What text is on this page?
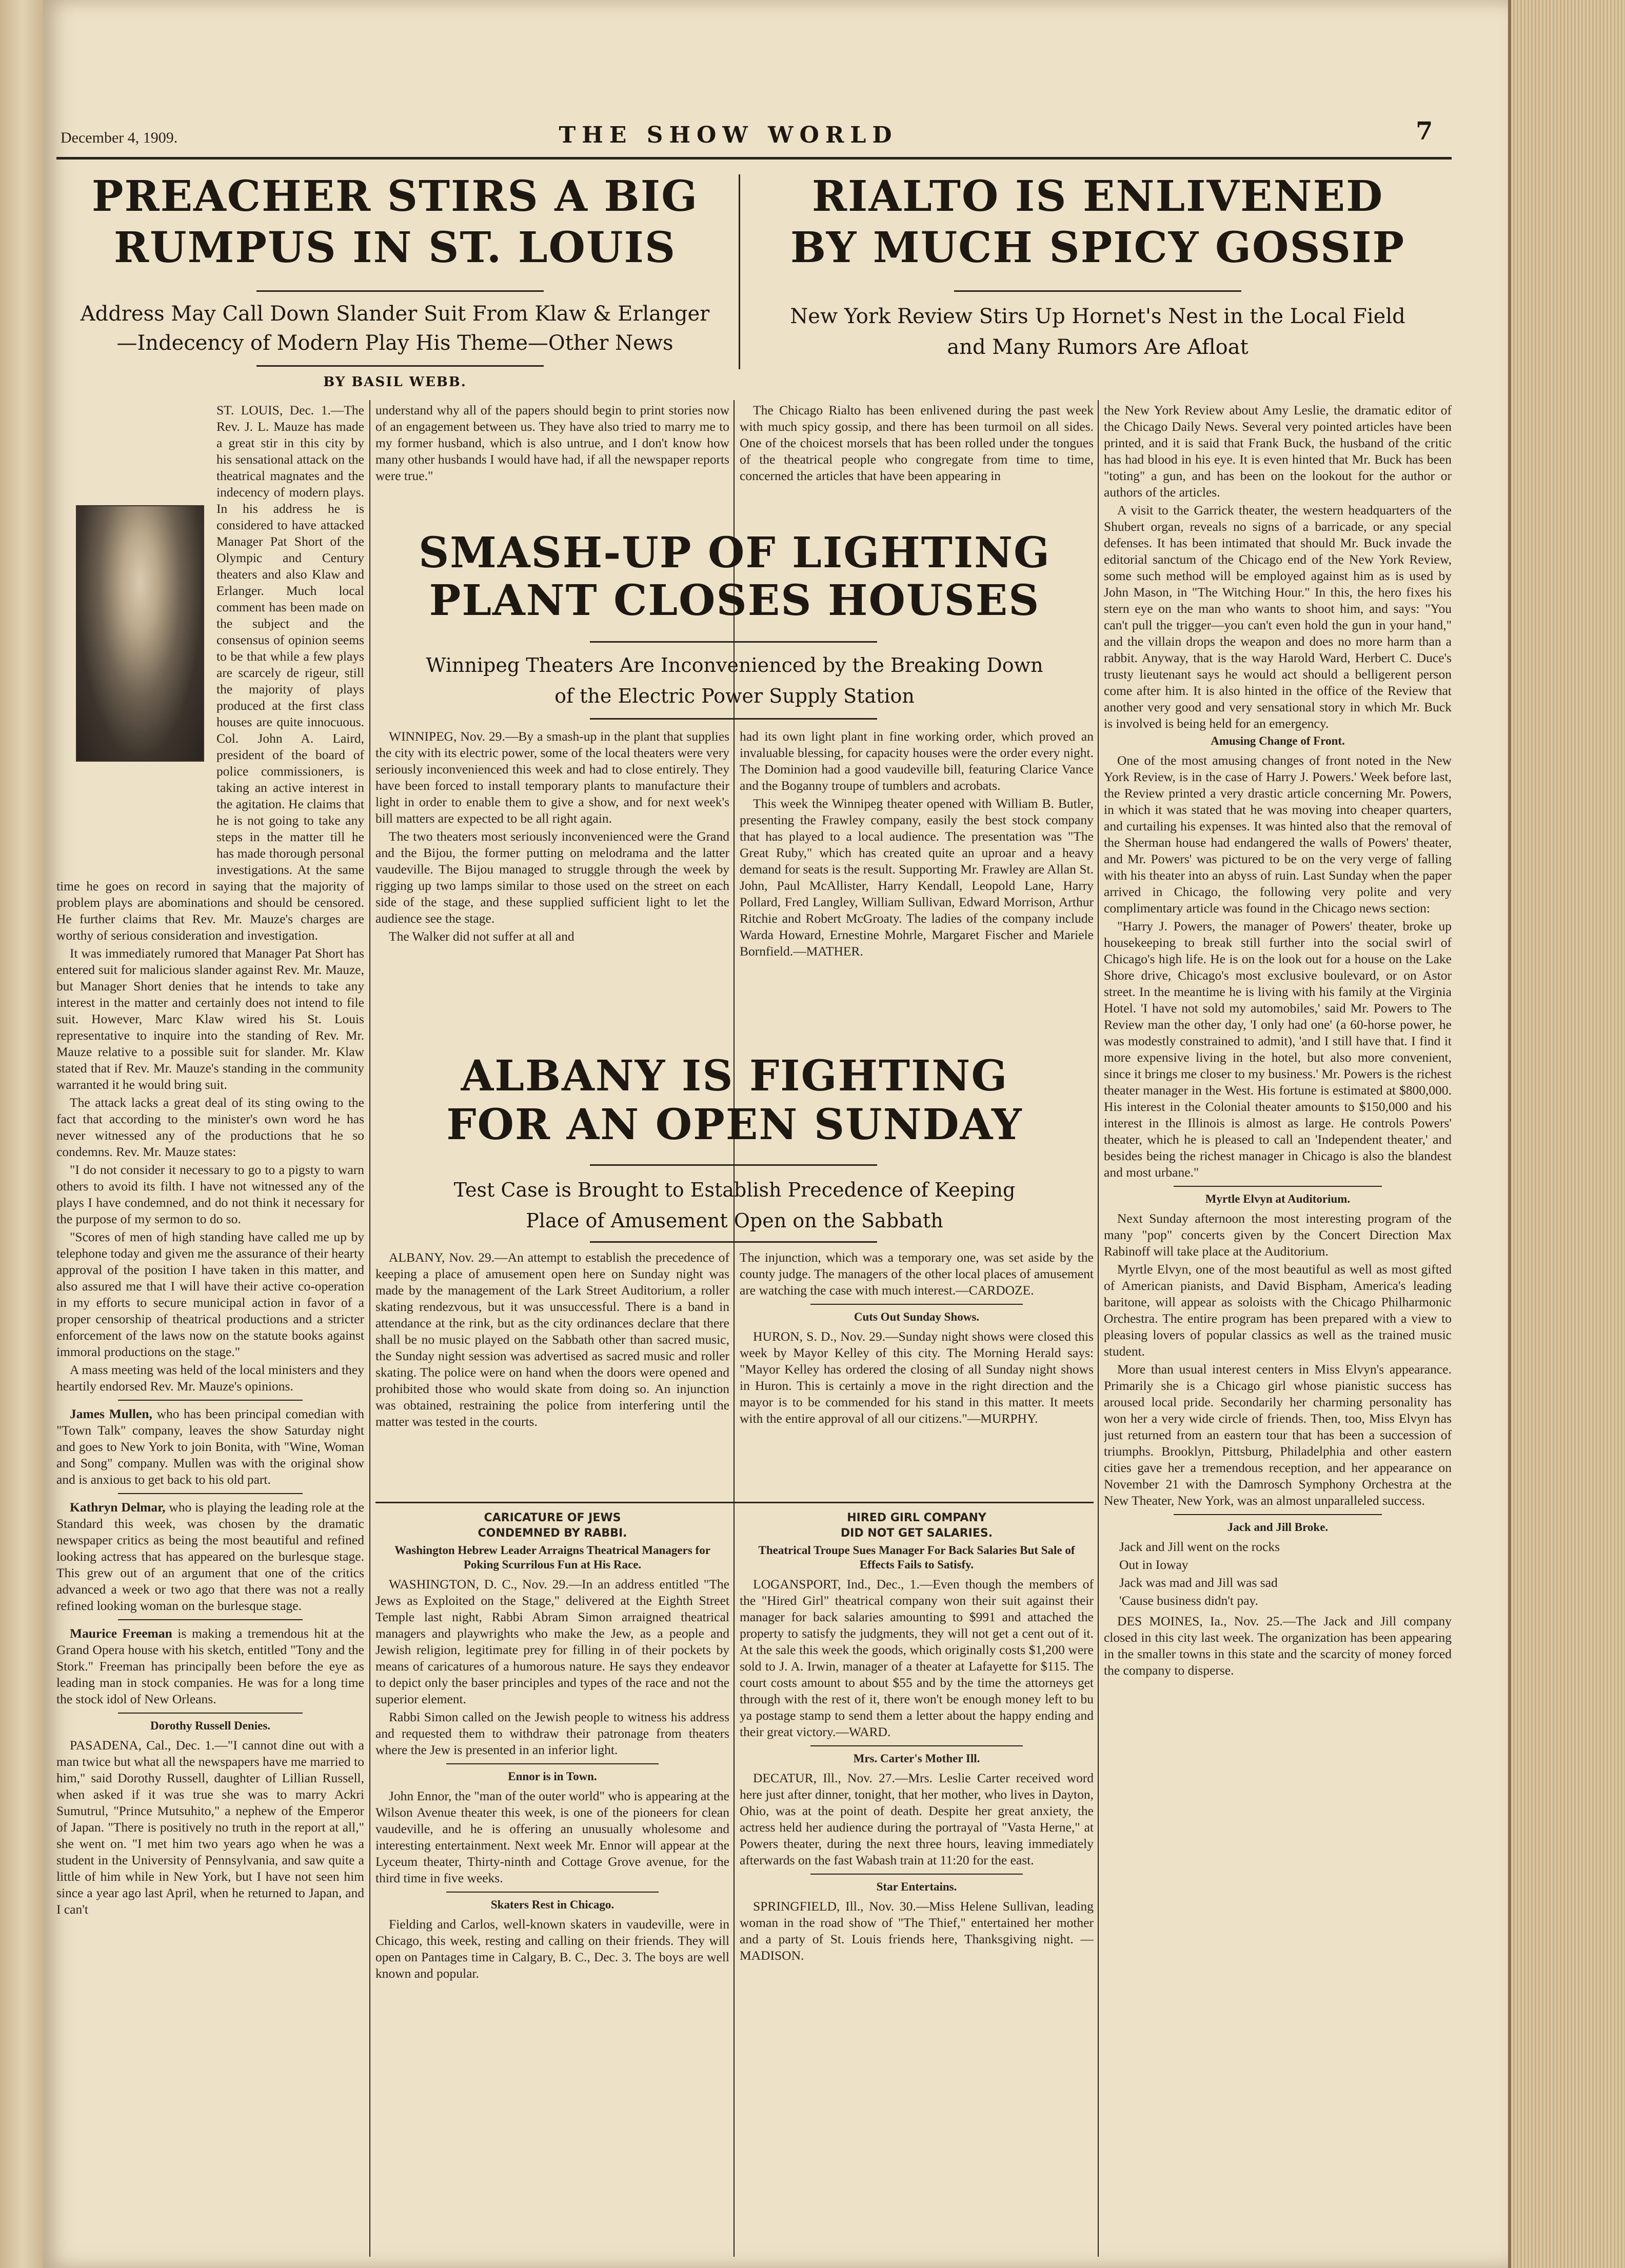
December 4, 1909.	THE SHOW WORLD	7
PREACHER STIRS A BIG
RUMPUS IN ST. LOUIS
Address May Call Down Slander Suit From Klaw & Erlanger
—Indecency of Modern Play His Theme—Other News
BY BASIL WEBB.
RIALTO IS ENLIVENED
BY MUCH SPICY GOSSIP
New York Review Stirs Up Hornet's Nest in the Local Field
and Many Rumors Are Afloat

ST. LOUIS, Dec. 1.—The Rev. J. L. Mauze has made a great stir in this city by his sensational attack on the theatrical magnates and the indecency of modern plays. In his address he is considered to have attacked Manager Pat Short of the Olympic and Century theaters and also Klaw and Erlanger. Much local comment has been made on the subject and the consensus of opinion seems to be that while a few plays are scarcely de rigeur, still the majority of plays produced at the first class houses are quite innocuous. Col. John A. Laird, president of the board of police commissioners, is taking an active interest in the agitation. He claims that he is not going to take any steps in the matter till he has made thorough personal investigations. At the same time he goes on record in saying that the majority of problem plays are abominations and should be censored. He further claims that Rev. Mr. Mauze's charges are worthy of serious consideration and investigation.

It was immediately rumored that Manager Pat Short has entered suit for malicious slander against Rev. Mr. Mauze, but Manager Short denies that he intends to take any interest in the matter and certainly does not intend to file suit. However, Marc Klaw wired his St. Louis representative to inquire into the standing of Rev. Mr. Mauze relative to a possible suit for slander. Mr. Klaw stated that if Rev. Mr. Mauze's standing in the community warranted it he would bring suit.

The attack lacks a great deal of its sting owing to the fact that according to the minister's own word he has never witnessed any of the productions that he so condemns. Rev. Mr. Mauze states:

"I do not consider it necessary to go to a pigsty to warn others to avoid its filth. I have not witnessed any of the plays I have condemned, and do not think it necessary for the purpose of my sermon to do so.

"Scores of men of high standing have called me up by telephone today and given me the assurance of their hearty approval of the position I have taken in this matter, and also assured me that I will have their active co-operation in my efforts to secure municipal action in favor of a proper censorship of theatrical productions and a stricter enforcement of the laws now on the statute books against immoral productions on the stage."

A mass meeting was held of the local ministers and they heartily endorsed Rev. Mr. Mauze's opinions.

James Mullen, who has been principal comedian with "Town Talk" company, leaves the show Saturday night and goes to New York to join Bonita, with "Wine, Woman and Song" company. Mullen was with the original show and is anxious to get back to his old part.

Kathryn Delmar, who is playing the leading role at the Standard this week, was chosen by the dramatic newspaper critics as being the most beautiful and refined looking actress that has appeared on the burlesque stage. This grew out of an argument that one of the critics advanced a week or two ago that there was not a really refined looking woman on the burlesque stage.

Maurice Freeman is making a tremendous hit at the Grand Opera house with his sketch, entitled "Tony and the Stork." Freeman has principally been before the eye as leading man in stock companies. He was for a long time the stock idol of New Orleans.

Dorothy Russell Denies.

PASADENA, Cal., Dec. 1.—"I cannot dine out with a man twice but what all the newspapers have me married to him," said Dorothy Russell, daughter of Lillian Russell, when asked if it was true she was to marry Ackri Sumutrul, "Prince Mutsuhito," a nephew of the Emperor of Japan. "There is positively no truth in the report at all," she went on. "I met him two years ago when he was a student in the University of Pennsylvania, and saw quite a little of him while in New York, but I have not seen him since a year ago last April, when he returned to Japan, and I can't

understand why all of the papers should begin to print stories now of an engagement between us. They have also tried to marry me to my former husband, which is also untrue, and I don't know how many other husbands I would have had, if all the newspaper reports were true."

The Chicago Rialto has been enlivened during the past week with much spicy gossip, and there has been turmoil on all sides. One of the choicest morsels that has been rolled under the tongues of the theatrical people who congregate from time to time, concerned the articles that have been appearing in

SMASH-UP OF LIGHTING
PLANT CLOSES HOUSES
Winnipeg Theaters Are Inconvenienced by the Breaking Down
of the Electric Power Supply Station

WINNIPEG, Nov. 29.—By a smash-up in the plant that supplies the city with its electric power, some of the local theaters were very seriously inconvenienced this week and had to close entirely. They have been forced to install temporary plants to manufacture their light in order to enable them to give a show, and for next week's bill matters are expected to be all right again.

The two theaters most seriously inconvenienced were the Grand and the Bijou, the former putting on melodrama and the latter vaudeville. The Bijou managed to struggle through the week by rigging up two lamps similar to those used on the street on each side of the stage, and these supplied sufficient light to let the audience see the stage.

The Walker did not suffer at all and

had its own light plant in fine working order, which proved an invaluable blessing, for capacity houses were the order every night. The Dominion had a good vaudeville bill, featuring Clarice Vance and the Boganny troupe of tumblers and acrobats.

This week the Winnipeg theater opened with William B. Butler, presenting the Frawley company, easily the best stock company that has played to a local audience. The presentation was "The Great Ruby," which has created quite an uproar and a heavy demand for seats is the result. Supporting Mr. Frawley are Allan St. John, Paul McAllister, Harry Kendall, Leopold Lane, Harry Pollard, Fred Langley, William Sullivan, Edward Morrison, Arthur Ritchie and Robert McGroaty. The ladies of the company include Warda Howard, Ernestine Mohrle, Margaret Fischer and Mariele Bornfield.—MATHER.

ALBANY IS FIGHTING
FOR AN OPEN SUNDAY
Test Case is Brought to Establish Precedence of Keeping
Place of Amusement Open on the Sabbath

ALBANY, Nov. 29.—An attempt to establish the precedence of keeping a place of amusement open here on Sunday night was made by the management of the Lark Street Auditorium, a roller skating rendezvous, but it was unsuccessful. There is a band in attendance at the rink, but as the city ordinances declare that there shall be no music played on the Sabbath other than sacred music, the Sunday night session was advertised as sacred music and roller skating. The police were on hand when the doors were opened and prohibited those who would skate from doing so. An injunction was obtained, restraining the police from interfering until the matter was tested in the courts.

The injunction, which was a temporary one, was set aside by the county judge. The managers of the other local places of amusement are watching the case with much interest.—CARDOZE.

Cuts Out Sunday Shows.

HURON, S. D., Nov. 29.—Sunday night shows were closed this week by Mayor Kelley of this city. The Morning Herald says: "Mayor Kelley has ordered the closing of all Sunday night shows in Huron. This is certainly a move in the right direction and the mayor is to be commended for his stand in this matter. It meets with the entire approval of all our citizens."—MURPHY.

CARICATURE OF JEWS
CONDEMNED BY RABBI.
Washington Hebrew Leader Arraigns Theatrical Managers for Poking Scurrilous Fun at His Race.

WASHINGTON, D. C., Nov. 29.—In an address entitled "The Jews as Exploited on the Stage," delivered at the Eighth Street Temple last night, Rabbi Abram Simon arraigned theatrical managers and playwrights who make the Jew, as a people and Jewish religion, legitimate prey for filling in of their pockets by means of caricatures of a humorous nature. He says they endeavor to depict only the baser principles and types of the race and not the superior element.

Rabbi Simon called on the Jewish people to witness his address and requested them to withdraw their patronage from theaters where the Jew is presented in an inferior light.

Ennor is in Town.

John Ennor, the "man of the outer world" who is appearing at the Wilson Avenue theater this week, is one of the pioneers for clean vaudeville, and he is offering an unusually wholesome and interesting entertainment. Next week Mr. Ennor will appear at the Lyceum theater, Thirty-ninth and Cottage Grove avenue, for the third time in five weeks.

Skaters Rest in Chicago.

Fielding and Carlos, well-known skaters in vaudeville, were in Chicago, this week, resting and calling on their friends. They will open on Pantages time in Calgary, B. C., Dec. 3. The boys are well known and popular.

HIRED GIRL COMPANY
DID NOT GET SALARIES.
Theatrical Troupe Sues Manager For Back Salaries But Sale of Effects Fails to Satisfy.

LOGANSPORT, Ind., Dec., 1.—Even though the members of the "Hired Girl" theatrical company won their suit against their manager for back salaries amounting to $991 and attached the property to satisfy the judgments, they will not get a cent out of it. At the sale this week the goods, which originally costs $1,200 were sold to J. A. Irwin, manager of a theater at Lafayette for $115. The court costs amount to about $55 and by the time the attorneys get through with the rest of it, there won't be enough money left to bu ya postage stamp to send them a letter about the happy ending and their great victory.—WARD.

Mrs. Carter's Mother Ill.

DECATUR, Ill., Nov. 27.—Mrs. Leslie Carter received word here just after dinner, tonight, that her mother, who lives in Dayton, Ohio, was at the point of death. Despite her great anxiety, the actress held her audience during the portrayal of "Vasta Herne," at Powers theater, during the next three hours, leaving immediately afterwards on the fast Wabash train at 11:20 for the east.

Star Entertains.

SPRINGFIELD, Ill., Nov. 30.—Miss Helene Sullivan, leading woman in the road show of "The Thief," entertained her mother and a party of St. Louis friends here, Thanksgiving night. — MADISON.

the New York Review about Amy Leslie, the dramatic editor of the Chicago Daily News. Several very pointed articles have been printed, and it is said that Frank Buck, the husband of the critic has had blood in his eye. It is even hinted that Mr. Buck has been "toting" a gun, and has been on the lookout for the author or authors of the articles.

A visit to the Garrick theater, the western headquarters of the Shubert organ, reveals no signs of a barricade, or any special defenses. It has been intimated that should Mr. Buck invade the editorial sanctum of the Chicago end of the New York Review, some such method will be employed against him as is used by John Mason, in "The Witching Hour." In this, the hero fixes his stern eye on the man who wants to shoot him, and says: "You can't pull the trigger—you can't even hold the gun in your hand," and the villain drops the weapon and does no more harm than a rabbit. Anyway, that is the way Harold Ward, Herbert C. Duce's trusty lieutenant says he would act should a belligerent person come after him. It is also hinted in the office of the Review that another very good and very sensational story in which Mr. Buck is involved is being held for an emergency.

Amusing Change of Front.

One of the most amusing changes of front noted in the New York Review, is in the case of Harry J. Powers.' Week before last, the Review printed a very drastic article concerning Mr. Powers, in which it was stated that he was moving into cheaper quarters, and curtailing his expenses. It was hinted also that the removal of the Sherman house had endangered the walls of Powers' theater, and Mr. Powers' was pictured to be on the very verge of falling with his theater into an abyss of ruin. Last Sunday when the paper arrived in Chicago, the following very polite and very complimentary article was found in the Chicago news section:

"Harry J. Powers, the manager of Powers' theater, broke up housekeeping to break still further into the social swirl of Chicago's high life. He is on the look out for a house on the Lake Shore drive, Chicago's most exclusive boulevard, or on Astor street. In the meantime he is living with his family at the Virginia Hotel. 'I have not sold my automobiles,' said Mr. Powers to The Review man the other day, 'I only had one' (a 60-horse power, he was modestly constrained to admit), 'and I still have that. I find it more expensive living in the hotel, but also more convenient, since it brings me closer to my business.' Mr. Powers is the richest theater manager in the West. His fortune is estimated at $800,000. His interest in the Colonial theater amounts to $150,000 and his interest in the Illinois is almost as large. He controls Powers' theater, which he is pleased to call an 'Independent theater,' and besides being the richest manager in Chicago is also the blandest and most urbane."

Myrtle Elvyn at Auditorium.

Next Sunday afternoon the most interesting program of the many "pop" concerts given by the Concert Direction Max Rabinoff will take place at the Auditorium.

Myrtle Elvyn, one of the most beautiful as well as most gifted of American pianists, and David Bispham, America's leading baritone, will appear as soloists with the Chicago Philharmonic Orchestra. The entire program has been prepared with a view to pleasing lovers of popular classics as well as the trained music student.

More than usual interest centers in Miss Elvyn's appearance. Primarily she is a Chicago girl whose pianistic success has aroused local pride. Secondarily her charming personality has won her a very wide circle of friends. Then, too, Miss Elvyn has just returned from an eastern tour that has been a succession of triumphs. Brooklyn, Pittsburg, Philadelphia and other eastern cities gave her a tremendous reception, and her appearance on November 21 with the Damrosch Symphony Orchestra at the New Theater, New York, was an almost unparalleled success.

Jack and Jill Broke.

Jack and Jill went on the rocks

Out in Ioway

Jack was mad and Jill was sad

'Cause business didn't pay.

DES MOINES, Ia., Nov. 25.—The Jack and Jill company closed in this city last week. The organization has been appearing in the smaller towns in this state and the scarcity of money forced the company to disperse.
